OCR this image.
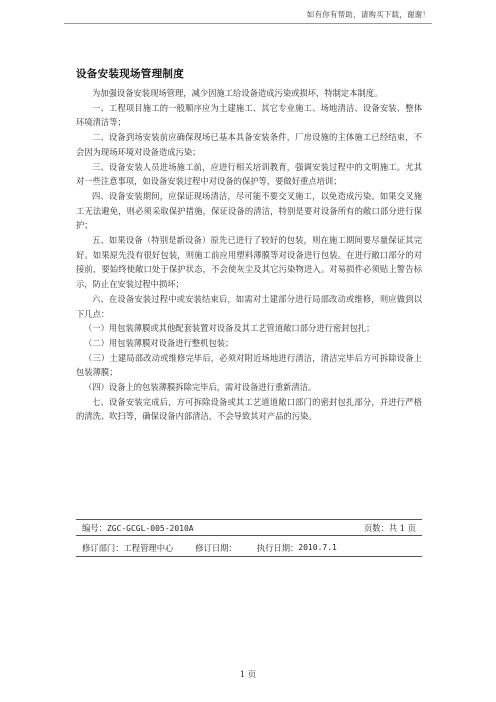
如有你有帮助，请购买下载，谢谢！
设备安装现场管理制度

为加强设备安装现场管理，减少因施工给设备造成污染或损坏，特制定本制度。

一、工程项目施工的一般顺序应为土建施工、其它专业施工、场地清洁、设备安装、整体环境清洁等；

二、设备到场安装前应确保现场已基本具备安装条件，厂房设施的主体施工已经结束，不会因为现场环境对设备造成污染；

三、设备安装人员进场施工前，应进行相关培训教育，强调安装过程中的文明施工。尤其对一些注意事项，如设备安装过程中对设备的保护等，要做好重点培训；

四、设备安装期间，应保证现场清洁，尽可能不要交叉施工，以免造成污染。如果交叉施工无法避免，则必须采取保护措施，保证设备的清洁，特别是要对设备所有的敞口部分进行保护；

五、如果设备（特别是新设备）原先已进行了较好的包装，则在施工期间要尽量保证其完好。如果原先没有很好包装，则施工前应用塑料薄膜等对设备进行包装。在进行敞口部分的对接前，要始终使敞口处于保护状态，不会使灰尘及其它污染物进入。对易损件必须贴上警告标示，防止在安装过程中损坏；

六、在设备安装过程中或安装结束后，如需对土建部分进行局部改动或维修，则应做到以下几点：

（一）用包装薄膜或其他配套装置对设备及其工艺管道敞口部分进行密封包扎；

（二）用包装薄膜对设备进行整机包装；

（三）土建局部改动或维修完毕后，必须对附近场地进行清洁，清洁完毕后方可拆除设备上包装薄膜；

（四）设备上的包装薄膜拆除完毕后，需对设备进行重新清洁。

七、设备安装完成后，方可拆除设备或其工艺道道敞口部门的密封包扎部分，并进行严格的清洗、吹扫等，确保设备内部清洁，不会导致其对产品的污染。

编号：ZGC-GCGL-005-2010A	页数：共 1 页
修订部门： 工程管理中心	修订日期： 执行日期： 2010.7.1
1 页
